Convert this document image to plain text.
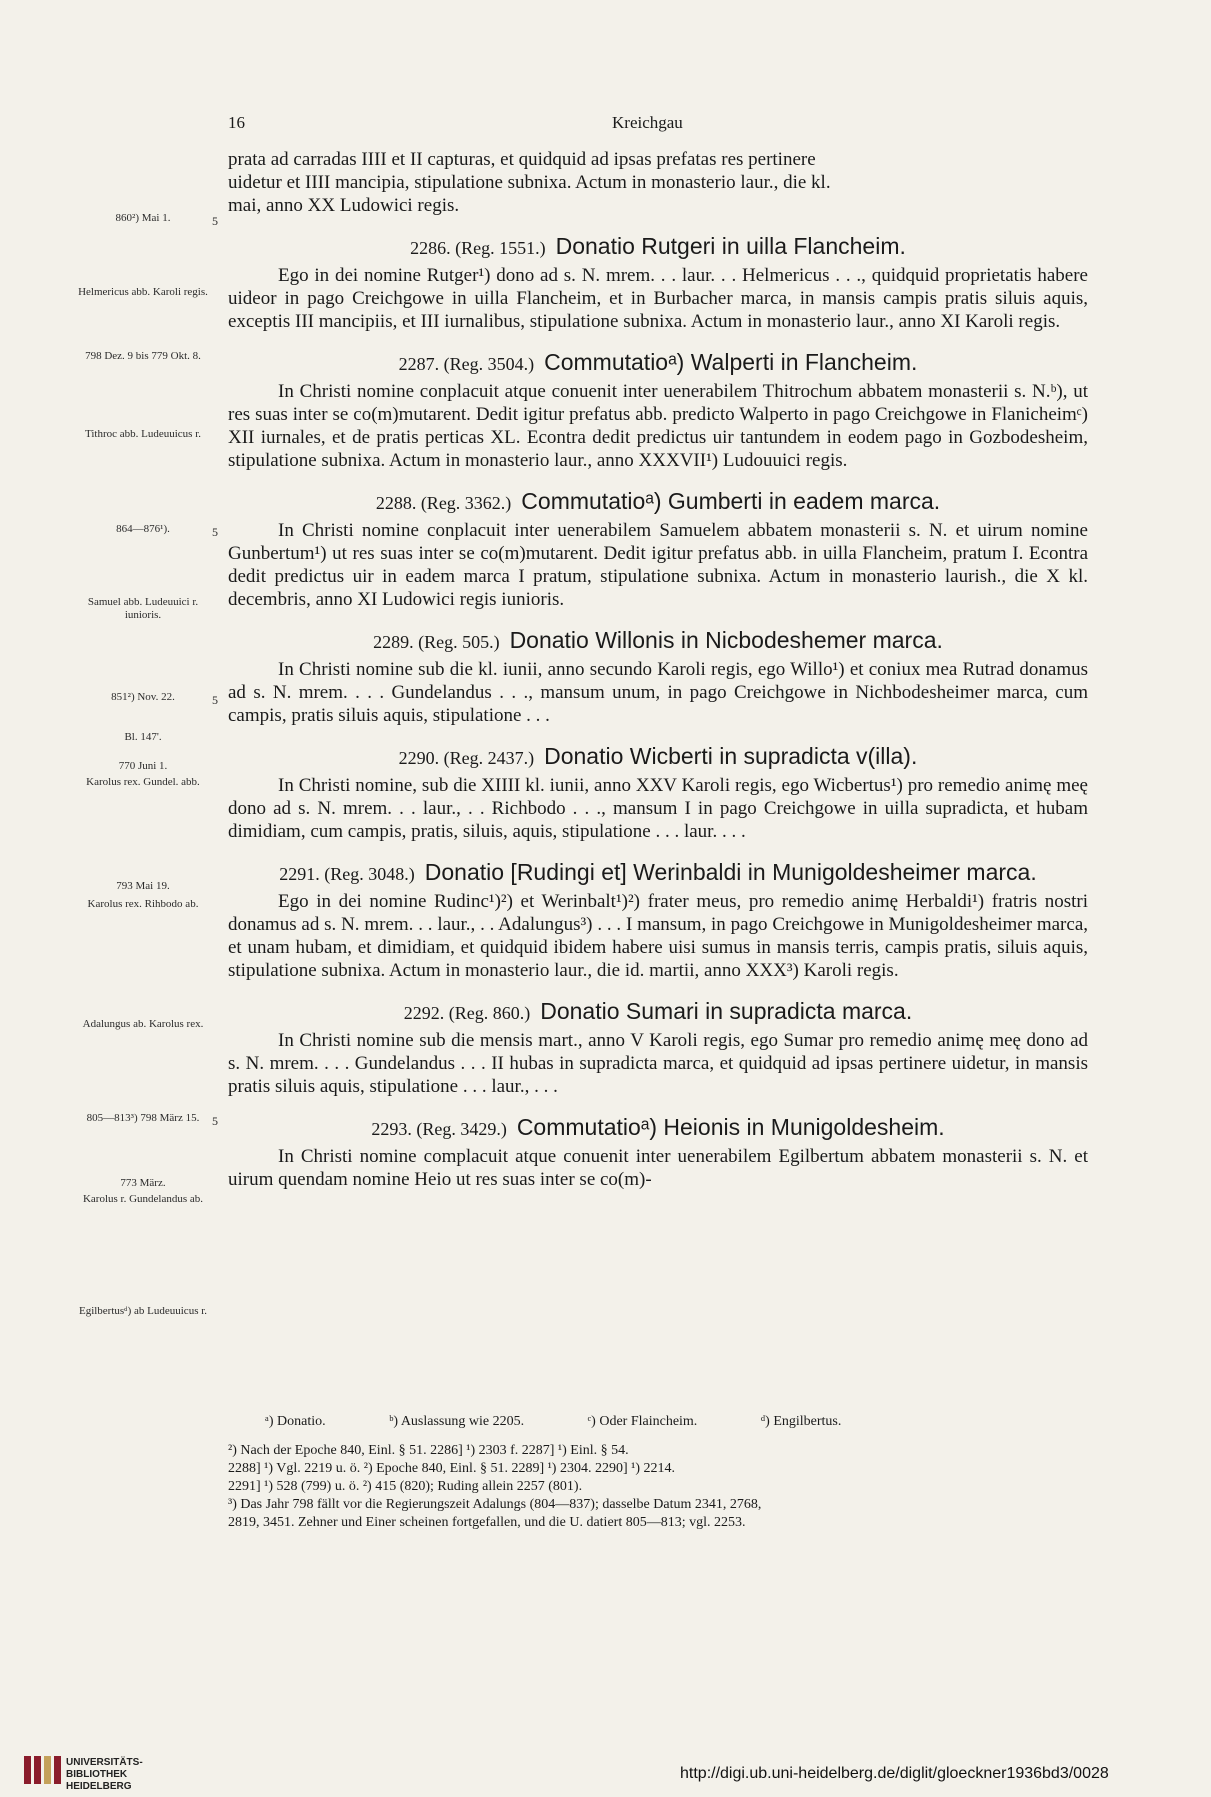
16	Kreichgau

prata ad carradas IIII et II capturas, et quidquid ad ipsas prefatas res pertinere

uidetur et IIII mancipia, stipulatione subnixa. Actum in monasterio laur., die kl.

mai, anno XX Ludowici regis.

2286. (Reg. 1551.) Donatio Rutgeri in uilla Flancheim.

Ego in dei nomine Rutger¹) dono ad s. N. mrem. . . laur. . . Helmericus . . ., quidquid proprietatis habere uideor in pago Creichgowe in uilla Flancheim, et in Burbacher marca, in mansis campis pratis siluis aquis, exceptis III mancipiis, et III iurnalibus, stipulatione subnixa. Actum in monasterio laur., anno XI Karoli regis.

2287. (Reg. 3504.) Commutatioᵃ) Walperti in Flancheim.

In Christi nomine conplacuit atque conuenit inter uenerabilem Thitrochum abbatem monasterii s. N.ᵇ), ut res suas inter se co(m)mutarent. Dedit igitur prefatus abb. predicto Walperto in pago Creichgowe in Flanicheimᶜ) XII iurnales, et de pratis perticas XL. Econtra dedit predictus uir tantundem in eodem pago in Gozbodesheim, stipulatione subnixa. Actum in monasterio laur., anno XXXVII¹) Ludouuici regis.

2288. (Reg. 3362.) Commutatioᵃ) Gumberti in eadem marca.

In Christi nomine conplacuit inter uenerabilem Samuelem abbatem monasterii s. N. et uirum nomine Gunbertum¹) ut res suas inter se co(m)mutarent. Dedit igitur prefatus abb. in uilla Flancheim, pratum I. Econtra dedit predictus uir in eadem marca I pratum, stipulatione subnixa. Actum in monasterio laurish., die X kl. decembris, anno XI Ludowici regis iunioris.

2289. (Reg. 505.) Donatio Willonis in Nicbodeshemer marca.

In Christi nomine sub die kl. iunii, anno secundo Karoli regis, ego Willo¹) et coniux mea Rutrad donamus ad s. N. mrem. . . . Gundelandus . . ., mansum unum, in pago Creichgowe in Nichbodesheimer marca, cum campis, pratis siluis aquis, stipulatione . . .

2290. (Reg. 2437.) Donatio Wicberti in supradicta v(illa).

In Christi nomine, sub die XIIII kl. iunii, anno XXV Karoli regis, ego Wicbertus¹) pro remedio animę meę dono ad s. N. mrem. . . laur., . . Richbodo . . ., mansum I in pago Creichgowe in uilla supradicta, et hubam dimidiam, cum campis, pratis, siluis, aquis, stipulatione . . . laur. . . .

2291. (Reg. 3048.) Donatio [Rudingi et] Werinbaldi in Munigoldesheimer marca.

Ego in dei nomine Rudinc¹)²) et Werinbalt¹)²) frater meus, pro remedio animę Herbaldi¹) fratris nostri donamus ad s. N. mrem. . . laur., . . Adalungus³) . . . I mansum, in pago Creichgowe in Munigoldesheimer marca, et unam hubam, et dimidiam, et quidquid ibidem habere uisi sumus in mansis terris, campis pratis, siluis aquis, stipulatione subnixa. Actum in monasterio laur., die id. martii, anno XXX³) Karoli regis.

2292. (Reg. 860.) Donatio Sumari in supradicta marca.

In Christi nomine sub die mensis mart., anno V Karoli regis, ego Sumar pro remedio animę meę dono ad s. N. mrem. . . . Gundelandus . . . II hubas in supradicta marca, et quidquid ad ipsas pertinere uidetur, in mansis pratis siluis aquis, stipulatione . . . laur., . . .

2293. (Reg. 3429.) Commutatioᵃ) Heionis in Munigoldesheim.

In Christi nomine complacuit atque conuenit inter uenerabilem Egilbertum abbatem monasterii s. N. et uirum quendam nomine Heio ut res suas inter se co(m)-

860²) Mai 1.
Helmericus abb. Karoli regis.
798 Dez. 9 bis 779 Okt. 8.
Tithroc abb. Ludeuuicus r.
864—876¹).
Samuel abb. Ludeuuici r. iunioris.
851²) Nov. 22.
Bl. 147'.
770 Juni 1.
Karolus rex. Gundel. abb.
793 Mai 19.
Karolus rex. Rihbodo ab.
Adalungus ab. Karolus rex.
805—813³) 798 März 15.
773 März.
Karolus r. Gundelandus ab.
Egilbertusᵈ) ab Ludeuuicus r.
5
5
5
5
ᵃ) Donatio.	ᵇ) Auslassung wie 2205.	ᶜ) Oder Flaincheim.	ᵈ) Engilbertus.
²) Nach der Epoche 840, Einl. § 51. 2286] ¹) 2303 f. 2287] ¹) Einl. § 54.
2288] ¹) Vgl. 2219 u. ö. ²) Epoche 840, Einl. § 51. 2289] ¹) 2304. 2290] ¹) 2214.
2291] ¹) 528 (799) u. ö. ²) 415 (820); Ruding allein 2257 (801).
³) Das Jahr 798 fällt vor die Regierungszeit Adalungs (804—837); dasselbe Datum 2341, 2768,
2819, 3451. Zehner und Einer scheinen fortgefallen, und die U. datiert 805—813; vgl. 2253.
UNIVERSITÄTS- BIBLIOTHEK HEIDELBERG
http://digi.ub.uni-heidelberg.de/diglit/gloeckner1936bd3/0028
